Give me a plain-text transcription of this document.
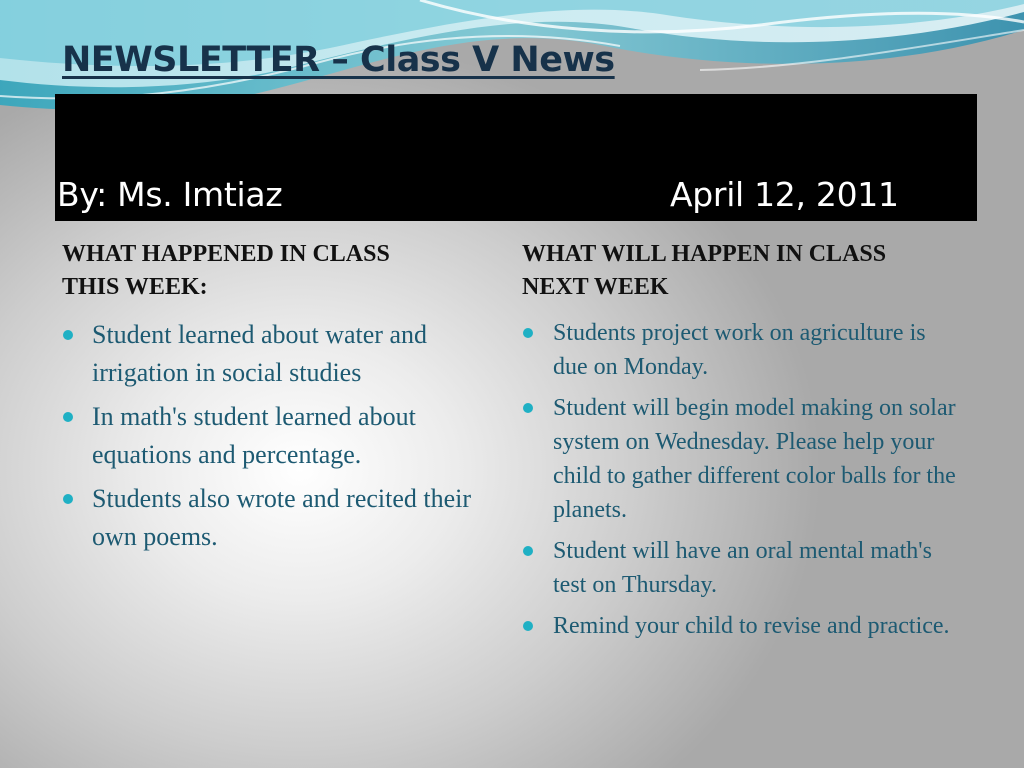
NEWSLETTER – Class V News
By: Ms. Imtiaz	April 12, 2011
WHAT HAPPENED IN CLASS
THIS WEEK:
Student learned about water and irrigation in social studies
In math's student learned about equations and percentage.
Students also wrote and recited their own poems.
WHAT WILL HAPPEN IN CLASS
NEXT WEEK
Students project work on agriculture is due on Monday.
Student will begin model making on solar system on Wednesday. Please help your child to gather different color balls for the planets.
Student will have an oral mental math's test on Thursday.
Remind your child to revise and practice.
